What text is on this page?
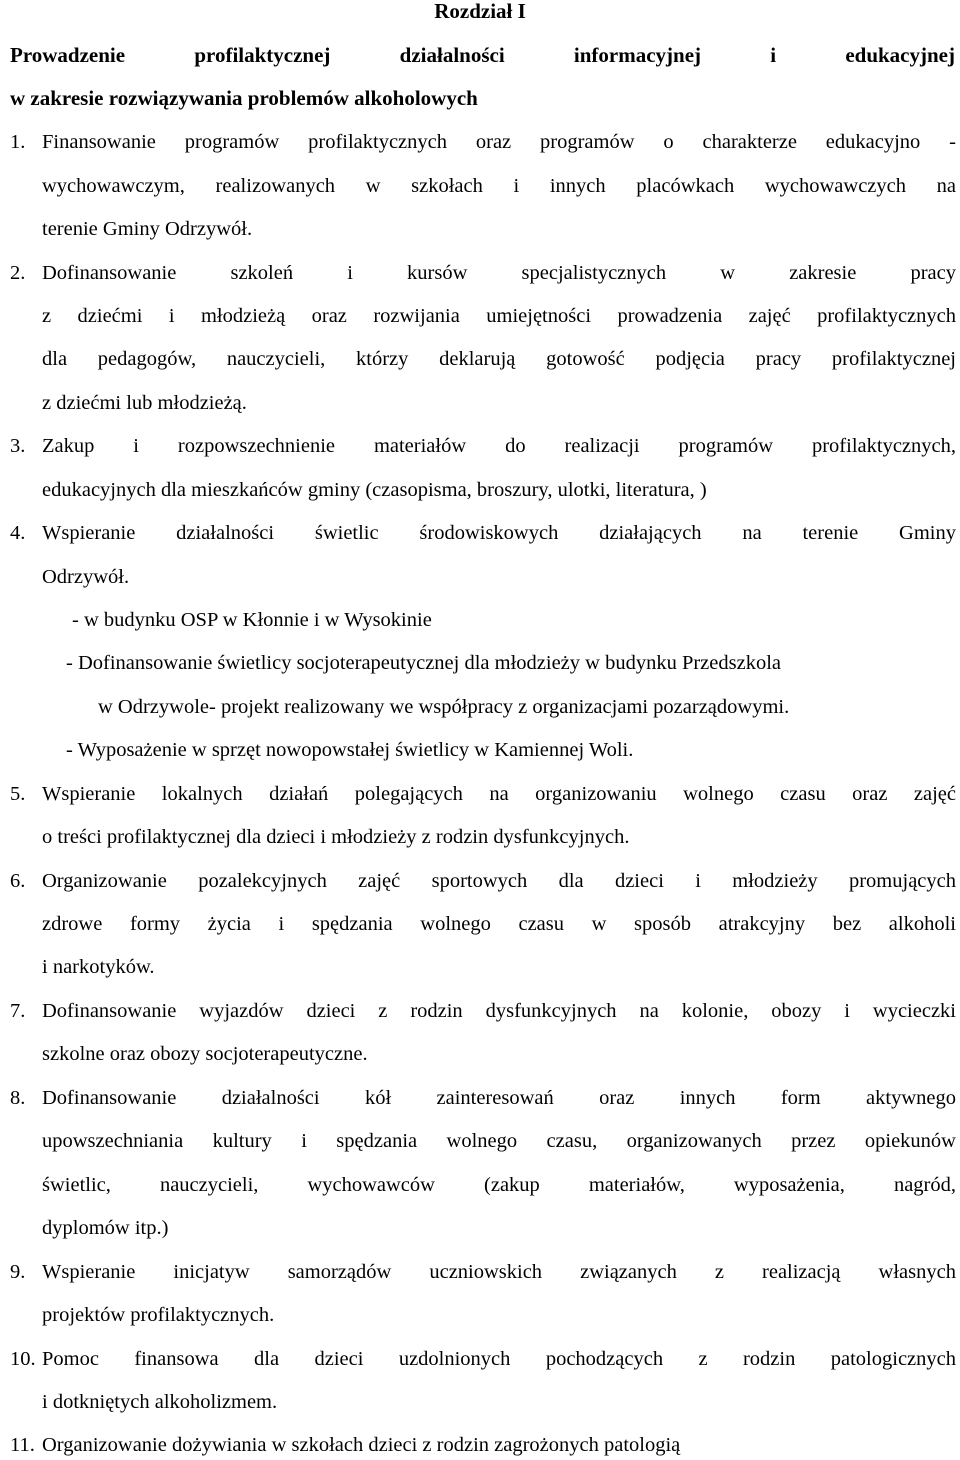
Rozdział I
Prowadzenie profilaktycznej działalności informacyjnej i edukacyjnej
w zakresie rozwiązywania problemów alkoholowych
1. Finansowanie programów profilaktycznych oraz programów o charakterze edukacyjno -
wychowawczym, realizowanych w szkołach i innych placówkach wychowawczych na
terenie Gminy Odrzywół.
2. Dofinansowanie szkoleń i kursów specjalistycznych w zakresie pracy
z dziećmi i młodzieżą oraz rozwijania umiejętności prowadzenia zajęć profilaktycznych
dla pedagogów, nauczycieli, którzy deklarują gotowość podjęcia pracy profilaktycznej
z dziećmi lub młodzieżą.
3. Zakup i rozpowszechnienie materiałów do realizacji programów profilaktycznych,
edukacyjnych dla mieszkańców gminy (czasopisma, broszury, ulotki, literatura, )
4. Wspieranie działalności świetlic środowiskowych działających na terenie Gminy
Odrzywół.
- w budynku OSP w Kłonnie i w Wysokinie
- Dofinansowanie świetlicy socjoterapeutycznej dla młodzieży w budynku Przedszkola
w Odrzywole- projekt realizowany we współpracy z organizacjami pozarządowymi.
- Wyposażenie w sprzęt nowopowstałej świetlicy w Kamiennej Woli.
5. Wspieranie lokalnych działań polegających na organizowaniu wolnego czasu oraz zajęć
o treści profilaktycznej dla dzieci i młodzieży z rodzin dysfunkcyjnych.
6. Organizowanie pozalekcyjnych zajęć sportowych dla dzieci i młodzieży promujących
zdrowe formy życia i spędzania wolnego czasu w sposób atrakcyjny bez alkoholi
i narkotyków.
7. Dofinansowanie wyjazdów dzieci z rodzin dysfunkcyjnych na kolonie, obozy i wycieczki
szkolne oraz obozy socjoterapeutyczne.
8. Dofinansowanie działalności kół zainteresowań oraz innych form aktywnego
upowszechniania kultury i spędzania wolnego czasu, organizowanych przez opiekunów
świetlic, nauczycieli, wychowawców (zakup materiałów, wyposażenia, nagród,
dyplomów itp.)
9. Wspieranie inicjatyw samorządów uczniowskich związanych z realizacją własnych
projektów profilaktycznych.
10. Pomoc finansowa dla dzieci uzdolnionych pochodzących z rodzin patologicznych
i dotkniętych alkoholizmem.
11. Organizowanie dożywiania w szkołach dzieci z rodzin zagrożonych patologią
